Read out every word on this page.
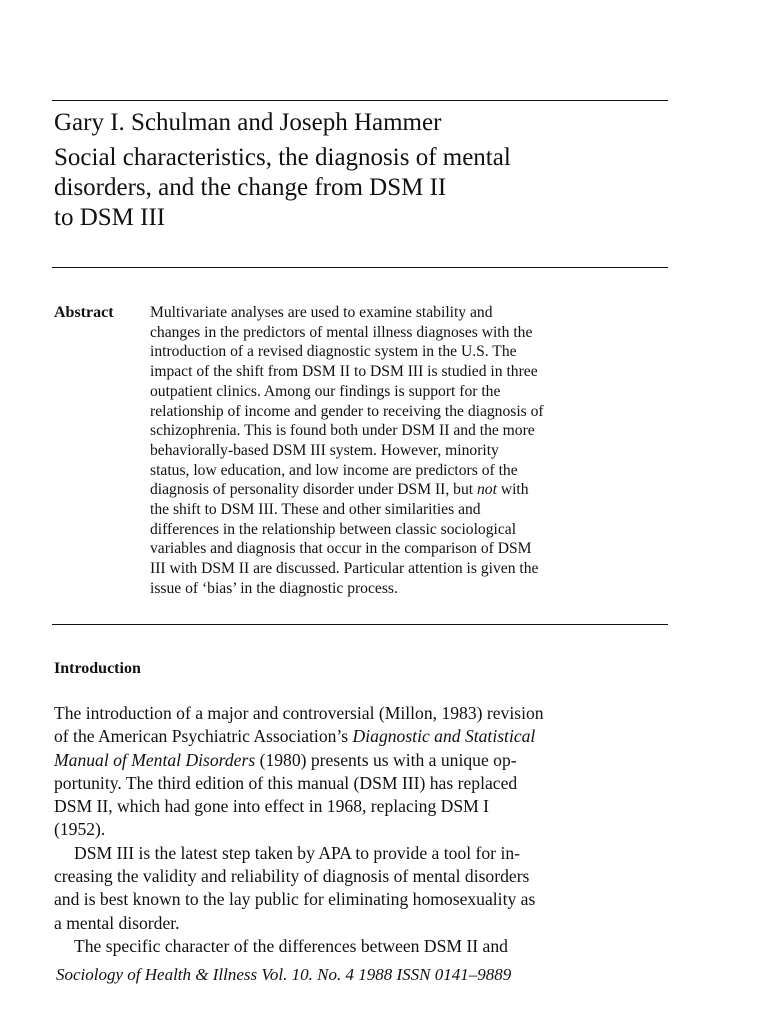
Gary I. Schulman and Joseph Hammer
Social characteristics, the diagnosis of mental
disorders, and the change from DSM II
to DSM III
Abstract Multivariate analyses are used to examine stability and
changes in the predictors of mental illness diagnoses with the
introduction of a revised diagnostic system in the U.S. The
impact of the shift from DSM II to DSM III is studied in three
outpatient clinics. Among our findings is support for the
relationship of income and gender to receiving the diagnosis of
schizophrenia. This is found both under DSM II and the more
behaviorally-based DSM III system. However, minority
status, low education, and low income are predictors of the
diagnosis of personality disorder under DSM II, but not with
the shift to DSM III. These and other similarities and
differences in the relationship between classic sociological
variables and diagnosis that occur in the comparison of DSM
III with DSM II are discussed. Particular attention is given the
issue of ‘bias’ in the diagnostic process.
Introduction
The introduction of a major and controversial (Millon, 1983) revision
of the American Psychiatric Association’s Diagnostic and Statistical
Manual of Mental Disorders (1980) presents us with a unique op-
portunity. The third edition of this manual (DSM III) has replaced
DSM II, which had gone into effect in 1968, replacing DSM I
(1952).
DSM III is the latest step taken by APA to provide a tool for in-
creasing the validity and reliability of diagnosis of mental disorders
and is best known to the lay public for eliminating homosexuality as
a mental disorder.
The specific character of the differences between DSM II and
Sociology of Health & Illness Vol. 10. No. 4 1988 ISSN 0141–9889
